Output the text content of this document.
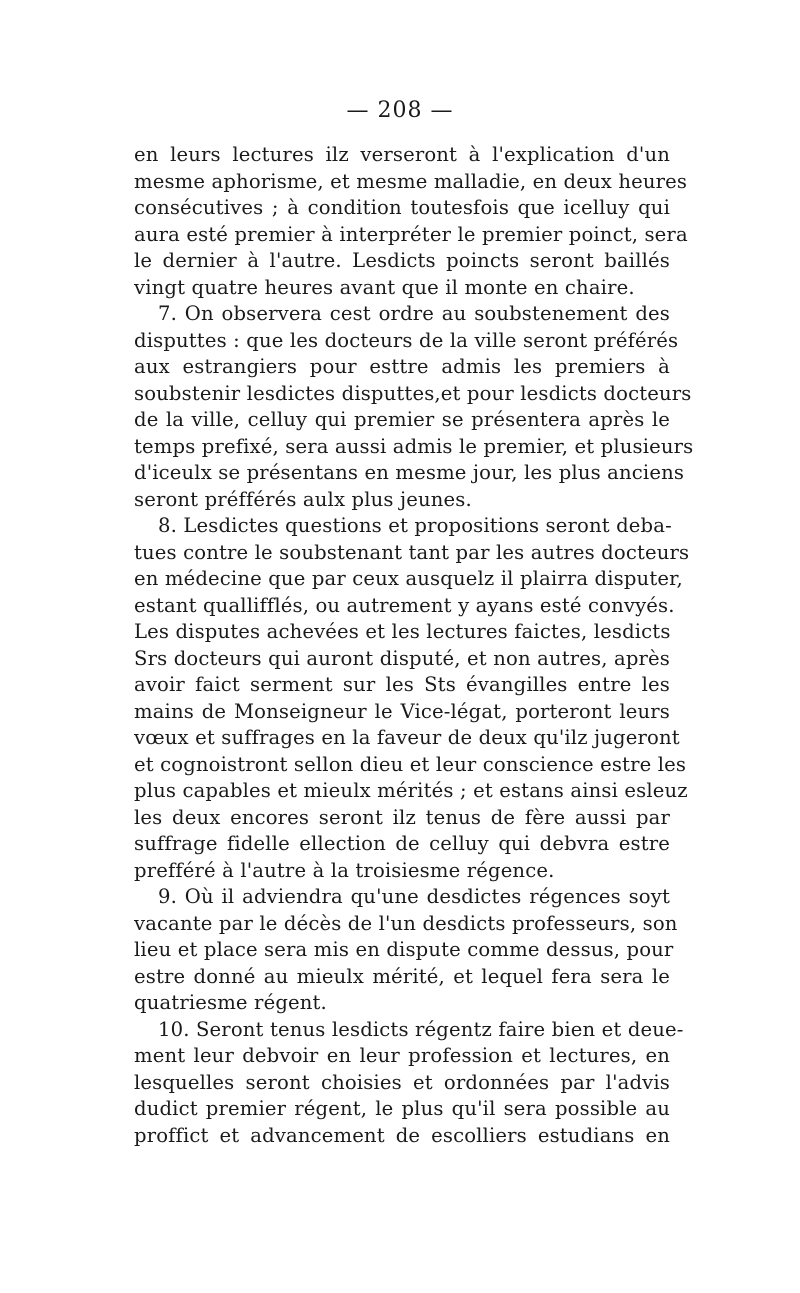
— 208 —
en leurs lectures ilz verseront à l'explication d'un
mesme aphorisme, et mesme malladie, en deux heures
consécutives ; à condition toutesfois que icelluy qui
aura esté premier à interpréter le premier poinct, sera
le dernier à l'autre. Lesdicts poincts seront baillés
vingt quatre heures avant que il monte en chaire.
7. On observera cest ordre au soubstenement des
disputtes : que les docteurs de la ville seront préférés
aux estrangiers pour esttre admis les premiers à
soubstenir lesdictes disputtes,et pour lesdicts docteurs
de la ville, celluy qui premier se présentera après le
temps prefixé, sera aussi admis le premier, et plusieurs
d'iceulx se présentans en mesme jour, les plus anciens
seront préfférés aulx plus jeunes.
8. Lesdictes questions et propositions seront deba-
tues contre le soubstenant tant par les autres docteurs
en médecine que par ceux ausquelz il plairra disputer,
estant quallifflés, ou autrement y ayans esté convyés.
Les disputes achevées et les lectures faictes, lesdicts
Srs docteurs qui auront disputé, et non autres, après
avoir faict serment sur les Sts évangilles entre les
mains de Monseigneur le Vice-légat, porteront leurs
vœux et suffrages en la faveur de deux qu'ilz jugeront
et cognoistront sellon dieu et leur conscience estre les
plus capables et mieulx mérités ; et estans ainsi esleuz
les deux encores seront ilz tenus de fère aussi par
suffrage fidelle ellection de celluy qui debvra estre
prefféré à l'autre à la troisiesme régence.
9. Où il adviendra qu'une desdictes régences soyt
vacante par le décès de l'un desdicts professeurs, son
lieu et place sera mis en dispute comme dessus, pour
estre donné au mieulx mérité, et lequel fera sera le
quatriesme régent.
10. Seront tenus lesdicts régentz faire bien et deue-
ment leur debvoir en leur profession et lectures, en
lesquelles seront choisies et ordonnées par l'advis
dudict premier régent, le plus qu'il sera possible au
proffict et advancement de escolliers estudians en
